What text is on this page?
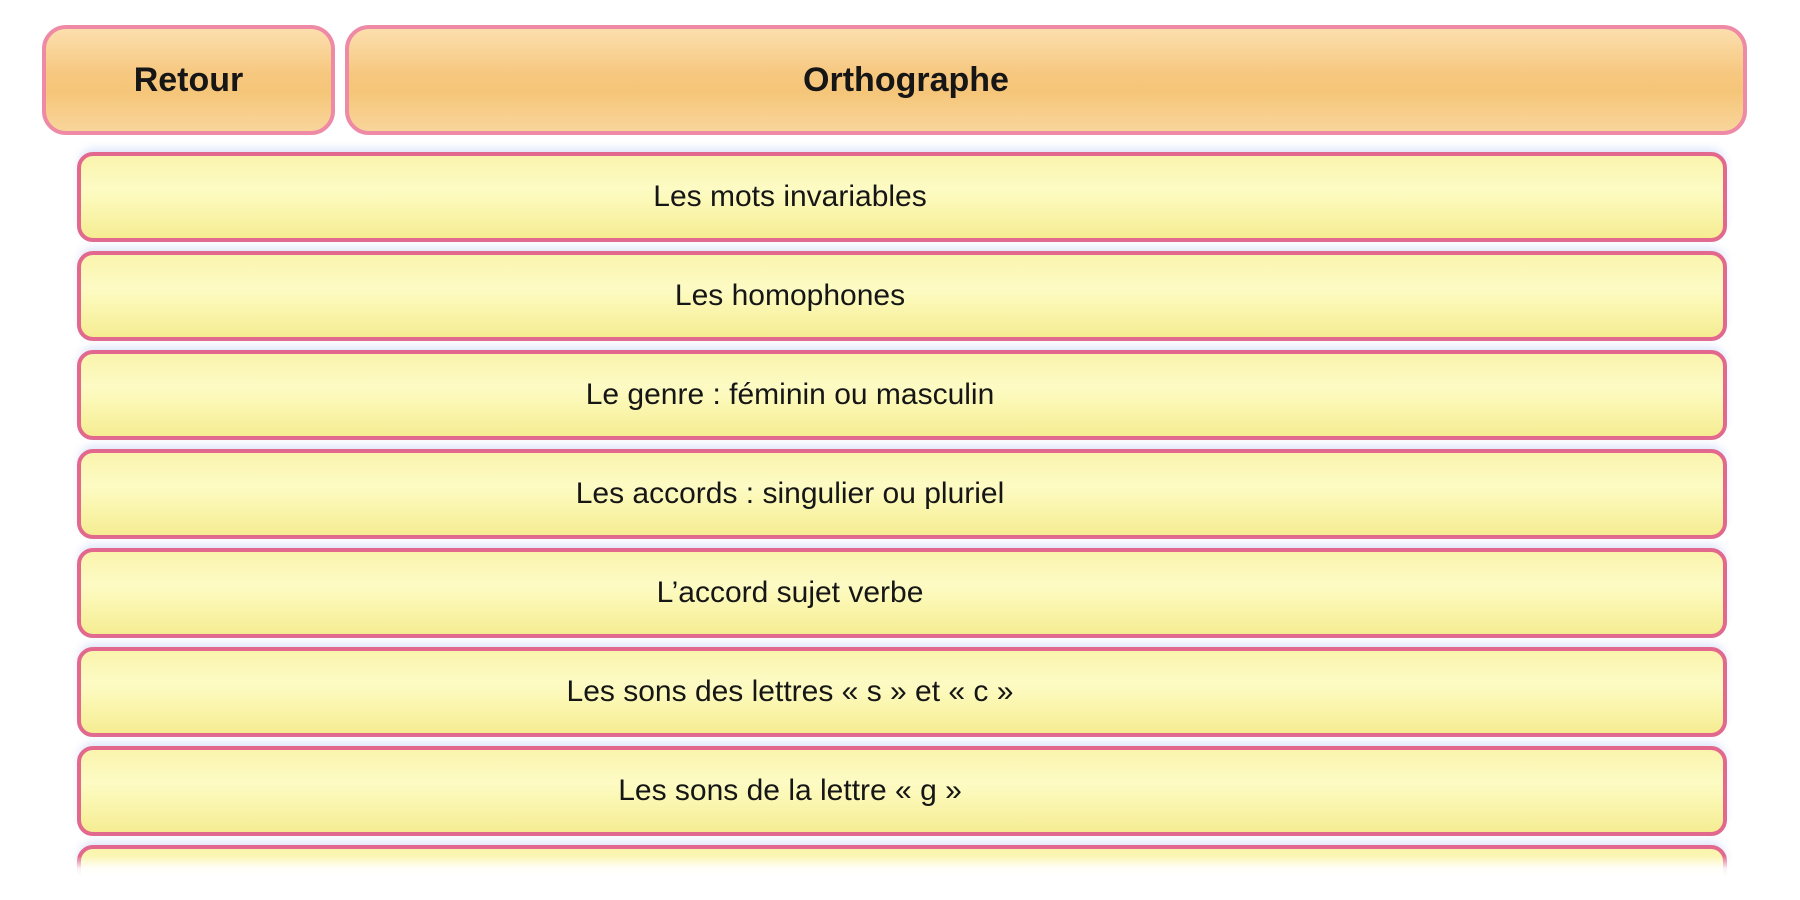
Retour	Orthographe
Les mots invariables
Les homophones
Le genre : féminin ou masculin
Les accords : singulier ou pluriel
L’accord sujet verbe
Les sons des lettres « s » et « c »
Les sons de la lettre « g »
